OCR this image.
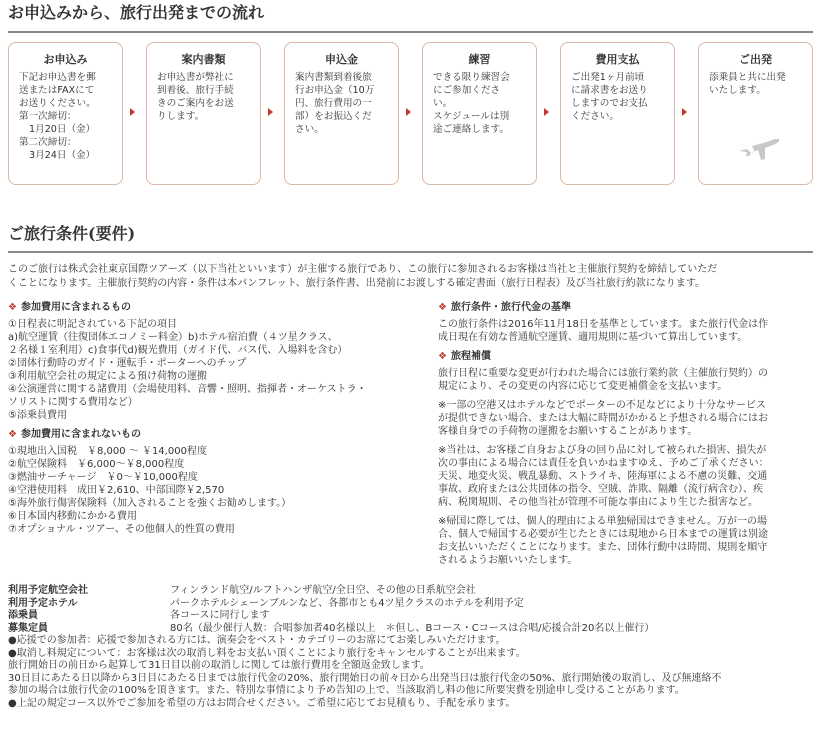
お申込みから、旅行出発までの流れ
お申込み
下記お申込書を郵
送またはFAXにて
お送りください。
第一次締切：
1月20日（金）
第二次締切：
3月24日（金）
案内書類
お申込書が弊社に
到着後、旅行手続
きのご案内をお送
りします。
申込金
案内書類到着後旅
行お申込金（10万
円、旅行費用の一
部）をお振込くだ
さい。
練習
できる限り練習会
にご参加くださ
い。
スケジュールは別
途ご連絡します。
費用支払
ご出発1ヶ月前頃
に請求書をお送り
しますのでお支払
ください。
ご出発
添乗員と共に出発
いたします。
ご旅行条件(要件)
このご旅行は株式会社東京国際ツアーズ（以下当社といいます）が主催する旅行であり、この旅行に参加されるお客様は当社と主催旅行契約を締結していただ
くことになります。主催旅行契約の内容・条件は本パンフレット、旅行条件書、出発前にお渡しする確定書面（旅行日程表）及び当社旅行約款になります。
❖ 参加費用に含まれるもの
①日程表に明記されている下記の項目
a)航空運賃（往復団体エコノミー料金）b)ホテル宿泊費（４ツ星クラス、
２名様１室利用）c)食事代d)観光費用（ガイド代、バス代、入場料を含む）
②団体行動時のガイド・運転手・ポーターへのチップ
③利用航空会社の規定による預け荷物の運搬
④公演運営に関する諸費用（会場使用料、音響・照明、指揮者・オーケストラ・
ソリストに関する費用など）
⑤添乗員費用
❖ 参加費用に含まれないもの
①現地出入国税　￥8,000 ～ ￥14,000程度
②航空保険料　￥6,000～￥8,000程度
③燃油サーチャージ　￥0～￥10,000程度
④空港使用料　成田￥2,610、中部国際￥2,570
⑤海外旅行傷害保険料（加入されることを強くお勧めします。）
⑥日本国内移動にかかる費用
⑦オプショナル・ツアー、その他個人的性質の費用
❖ 旅行条件・旅行代金の基準
この旅行条件は2016年11月18日を基準としています。また旅行代金は作
成日現在有効な普通航空運賃、適用規則に基づいて算出しています。
❖ 旅程補償
旅行日程に重要な変更が行われた場合には旅行業約款（主催旅行契約）の
規定により、その変更の内容に応じて変更補償金を支払います。
※一部の空港又はホテルなどでポーターの不足などにより十分なサービス
が提供できない場合、または大幅に時間がかかると予想される場合にはお
客様自身での手荷物の運搬をお願いすることがあります。
※当社は、お客様ご自身および身の回り品に対して被られた損害、損失が
次の事由による場合には責任を負いかねますゆえ、予めご了承ください：
天災、地変火災、戦乱暴動、ストライキ、陸海軍による不慮の災難、交通
事故、政府または公共団体の指令、空賊、詐欺、隔離（流行病含む）、疾
病、税関規則、その他当社が管理不可能な事由により生じた損害など。
※帰国に際しては、個人的理由による単独帰国はできません。万が一の場
合、個人で帰国する必要が生じたときには現地から日本までの運賃は別途
お支払いいただくことになります。また、団体行動中は時間、規則を順守
されるようお願いいたします。
利用予定航空会社	フィンランド航空/ルフトハンザ航空/全日空、その他の日系航空会社
利用予定ホテル	パークホテルシェーンブルンなど、各都市とも4ツ星クラスのホテルを利用予定
添乗員	各コースに同行します
募集定員	80名（最少催行人数：合唱参加者40名様以上　＊但し、Bコース・Cコースは合唱/応援合計20名以上催行）
●応援での参加者：応援で参加される方には、演奏会をベスト・カテゴリーのお席にてお楽しみいただけます。
●取消し料規定について：お客様は次の取消し料をお支払い頂くことにより旅行をキャンセルすることが出来ます。
旅行開始日の前日から起算して31日目以前の取消しに関しては旅行費用を全額返金致します。
30日目にあたる日以降から3日目にあたる日までは旅行代金の20%、旅行開始日の前々日から出発当日は旅行代金の50%、旅行開始後の取消し、及び無連絡不
参加の場合は旅行代金の100%を頂きます。また、特別な事情により予め告知の上で、当該取消し料の他に所要実費を別途申し受けることがあります。
●上記の規定コース以外でご参加を希望の方はお問合せください。ご希望に応じてお見積もり、手配を承ります。
